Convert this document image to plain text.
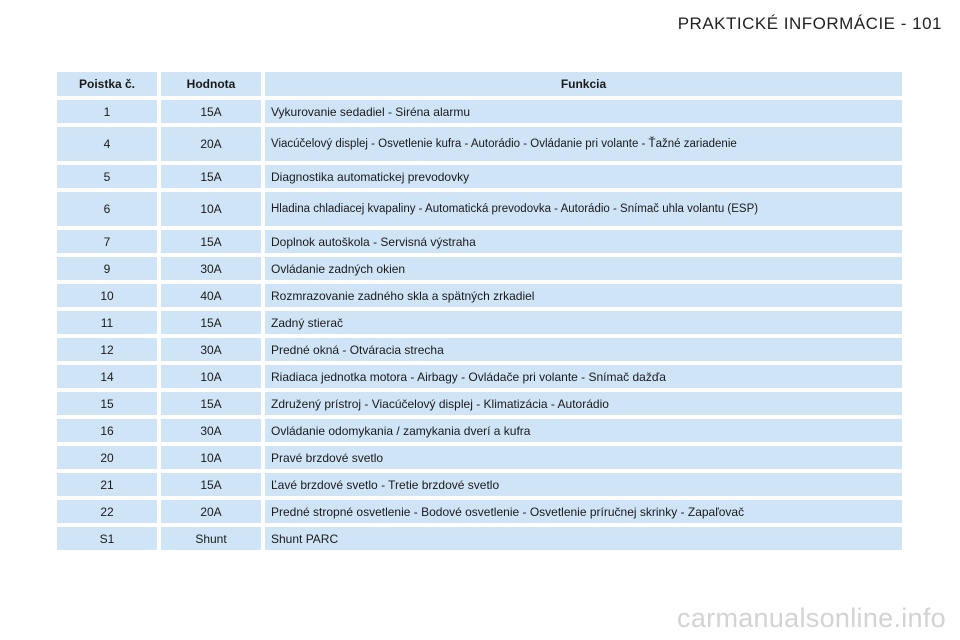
PRAKTICKÉ INFORMÁCIE - 101
Poistka č.	Hodnota	Funkcia
1	15A	Vykurovanie sedadiel - Siréna alarmu
4	20A	Viacúčelový displej - Osvetlenie kufra - Autorádio - Ovládanie pri volante - Ťažné zariadenie
5	15A	Diagnostika automatickej prevodovky
6	10A	Hladina chladiacej kvapaliny - Automatická prevodovka - Autorádio - Snímač uhla volantu (ESP)
7	15A	Doplnok autoškola - Servisná výstraha
9	30A	Ovládanie zadných okien
10	40A	Rozmrazovanie zadného skla a spätných zrkadiel
11	15A	Zadný stierač
12	30A	Predné okná - Otváracia strecha
14	10A	Riadiaca jednotka motora - Airbagy - Ovládače pri volante - Snímač dažďa
15	15A	Združený prístroj - Viacúčelový displej - Klimatizácia - Autorádio
16	30A	Ovládanie odomykania / zamykania dverí a kufra
20	10A	Pravé brzdové svetlo
21	15A	Ľavé brzdové svetlo - Tretie brzdové svetlo
22	20A	Predné stropné osvetlenie - Bodové osvetlenie - Osvetlenie príručnej skrinky - Zapaľovač
S1	Shunt	Shunt PARC
carmanualsonline.info
